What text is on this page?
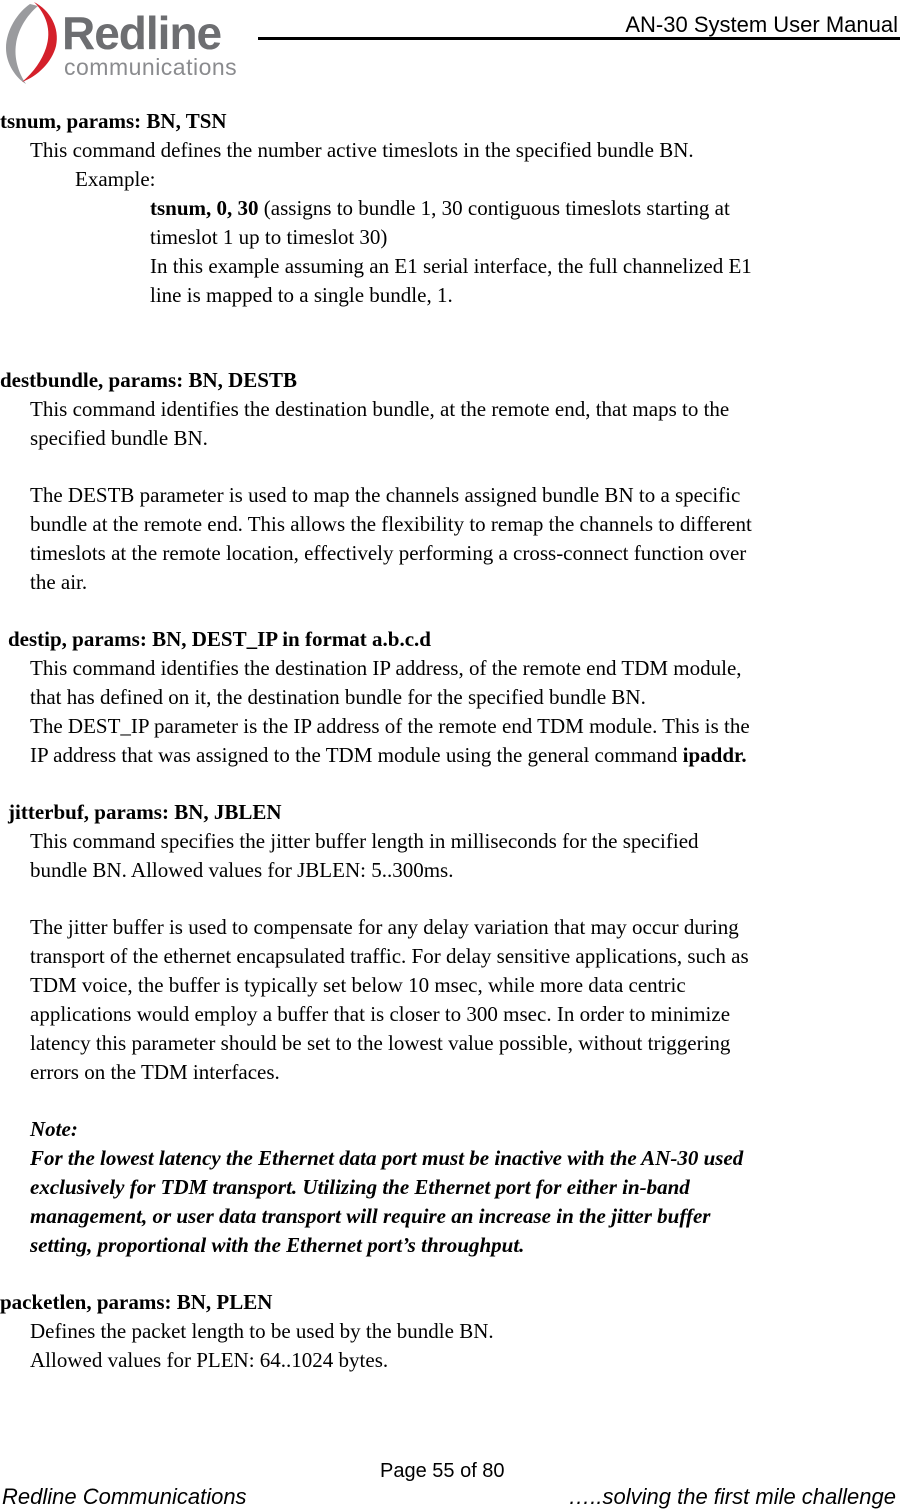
Redline
communications
AN-30 System User Manual
tsnum, params: BN, TSN
This command defines the number active timeslots in the specified bundle BN.
Example:
tsnum, 0, 30 (assigns to bundle 1, 30 contiguous timeslots starting at
timeslot 1 up to timeslot 30)
In this example assuming an E1 serial interface, the full channelized E1
line is mapped to a single bundle, 1.
destbundle, params: BN, DESTB
This command identifies the destination bundle, at the remote end, that maps to the
specified bundle BN.
The DESTB parameter is used to map the channels assigned bundle BN to a specific
bundle at the remote end. This allows the flexibility to remap the channels to different
timeslots at the remote location, effectively performing a cross-connect function over
the air.
destip, params: BN, DEST_IP in format a.b.c.d
This command identifies the destination IP address, of the remote end TDM module,
that has defined on it, the destination bundle for the specified bundle BN.
The DEST_IP parameter is the IP address of the remote end TDM module. This is the
IP address that was assigned to the TDM module using the general command ipaddr.
jitterbuf, params: BN, JBLEN
This command specifies the jitter buffer length in milliseconds for the specified
bundle BN. Allowed values for JBLEN: 5..300ms.
The jitter buffer is used to compensate for any delay variation that may occur during
transport of the ethernet encapsulated traffic. For delay sensitive applications, such as
TDM voice, the buffer is typically set below 10 msec, while more data centric
applications would employ a buffer that is closer to 300 msec. In order to minimize
latency this parameter should be set to the lowest value possible, without triggering
errors on the TDM interfaces.
Note:
For the lowest latency the Ethernet data port must be inactive with the AN-30 used
exclusively for TDM transport. Utilizing the Ethernet port for either in-band
management, or user data transport will require an increase in the jitter buffer
setting, proportional with the Ethernet port’s throughput.
packetlen, params: BN, PLEN
Defines the packet length to be used by the bundle BN.
Allowed values for PLEN: 64..1024 bytes.
Page 55 of 80
Redline Communications	…..solving the first mile challenge
